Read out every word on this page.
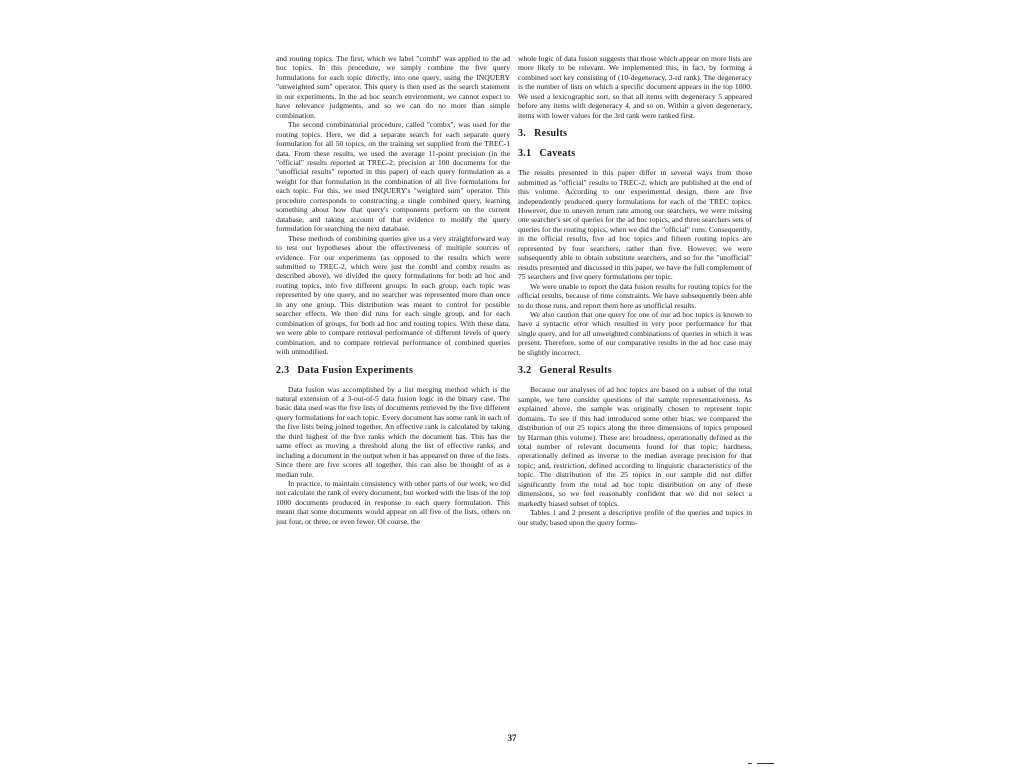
and routing topics. The first, which we label "combl" was applied to the ad hoc topics. In this procedure, we simply combine the five query formulations for each topic directly, into one query, using the INQUERY "unweighted sum" operator. This query is then used as the search statement in our experiments. In the ad hoc search environment, we cannot expect to have relevance judgments, and so we can do no more than simple combination.

The second combinatorial procedure, called "combx", was used for the routing topics. Here, we did a separate search for each separate query formulation for all 50 topics, on the training set supplied from the TREC-1 data. From these results, we used the average 11-point precision (in the "official" results reported at TREC-2; precision at 100 documents for the "unofficial results" reported in this paper) of each query formulation as a weight for that formulation in the combination of all five formulations for each topic. For this, we used INQUERY's "weighted sum" operator. This procedure corresponds to constructing a single combined query, learning something about how that query's components perform on the current database, and taking account of that evidence to modify the query formulation for searching the next database.

These methods of combining queries give us a very straightforward way to test our hypotheses about the effectiveness of multiple sources of evidence. For our experiments (as opposed to the results which were submitted to TREC-2, which were just the combl and combx results as described above), we divided the query formulations for both ad hoc and routing topics, into five different groups. In each group, each topic was represented by one query, and no searcher was represented more than once in any one group. This distribution was meant to control for possible searcher effects. We then did runs for each single group, and for each combination of groups, for both ad hoc and routing topics. With these data, we were able to compare retrieval performance of different levels of query combination, and to compare retrieval performance of combined queries with unmodified.

2.3 Data Fusion Experiments

Data fusion was accomplished by a list merging method which is the natural extension of a 3-out-of-5 data fusion logic in the binary case. The basic data used was the five lists of documents retrieved by the five different query formulations for each topic. Every document has some rank in each of the five lists being joined together. An effective rank is calculated by taking the third highest of the five ranks which the document has. This has the same effect as moving a threshold along the list of effective ranks, and including a document in the output when it has appeared on three of the lists. Since there are five scores all together, this can also be thought of as a median rule.

In practice, to maintain consistency with other parts of our work, we did not calculate the rank of every document, but worked with the lists of the top 1000 documents produced in response to each query formulation. This meant that some documents would appear on all five of the lists, others on just four, or three, or even fewer. Of course, the

whole logic of data fusion suggests that those which appear on more lists are more likely to be relevant. We implemented this, in fact, by forming a combined sort key consisting of (10-degeneracy, 3-rd rank). The degeneracy is the number of lists on which a specific document appears in the top 1000. We used a lexicographic sort, so that all items with degeneracy 5 appeared before any items with degeneracy 4, and so on. Within a given degeneracy, items with lower values for the 3rd rank were ranked first.

3. Results
3.1 Caveats

The results presented in this paper differ in several ways from those submitted as "official" results to TREC-2, which are published at the end of this volume. According to our experimental design, there are five independently produced query formulations for each of the TREC topics. However, due to uneven return rate among our searchers, we were missing one searcher's set of queries for the ad hoc topics, and three searchers sets of queries for the routing topics, when we did the "official" runs. Consequently, in the official results, five ad hoc topics and fifteen routing topics are represented by four searchers, rather than five. However, we were subsequently able to obtain substitute searchers, and so for the "unofficial" results presented and discussed in this paper, we have the full complement of 75 searchers and five query formulations per topic.

We were unable to report the data fusion results for routing topics for the official results, because of time constraints. We have subsequently been able to do those runs, and report them here as unofficial results.

We also caution that one query for one of our ad hoc topics is known to have a syntactic error which resulted in very poor performance for that single query, and for all unweighted combinations of queries in which it was present. Therefore, some of our comparative results in the ad hoc case may be slightly incorrect.

3.2 General Results

Because our analyses of ad hoc topics are based on a subset of the total sample, we here consider questions of the sample representativeness. As explained above, the sample was originally chosen to represent topic domains. To see if this had introduced some other bias, we compared the distribution of our 25 topics along the three dimensions of topics proposed by Harman (this volume). These are: broadness, operationally defined as the total number of relevant documents found for that topic; hardness, operationally defined as inverse to the median average precision for that topic; and, restriction, defined according to linguistic characteristics of the topic. The distribution of the 25 topics in our sample did not differ significantly from the total ad hoc topic distribution on any of these dimensions, so we feel reasonably confident that we did not select a markedly biased subset of topics.

Tables 1 and 2 present a descriptive profile of the queries and topics in our study, based upon the query formu-

37
